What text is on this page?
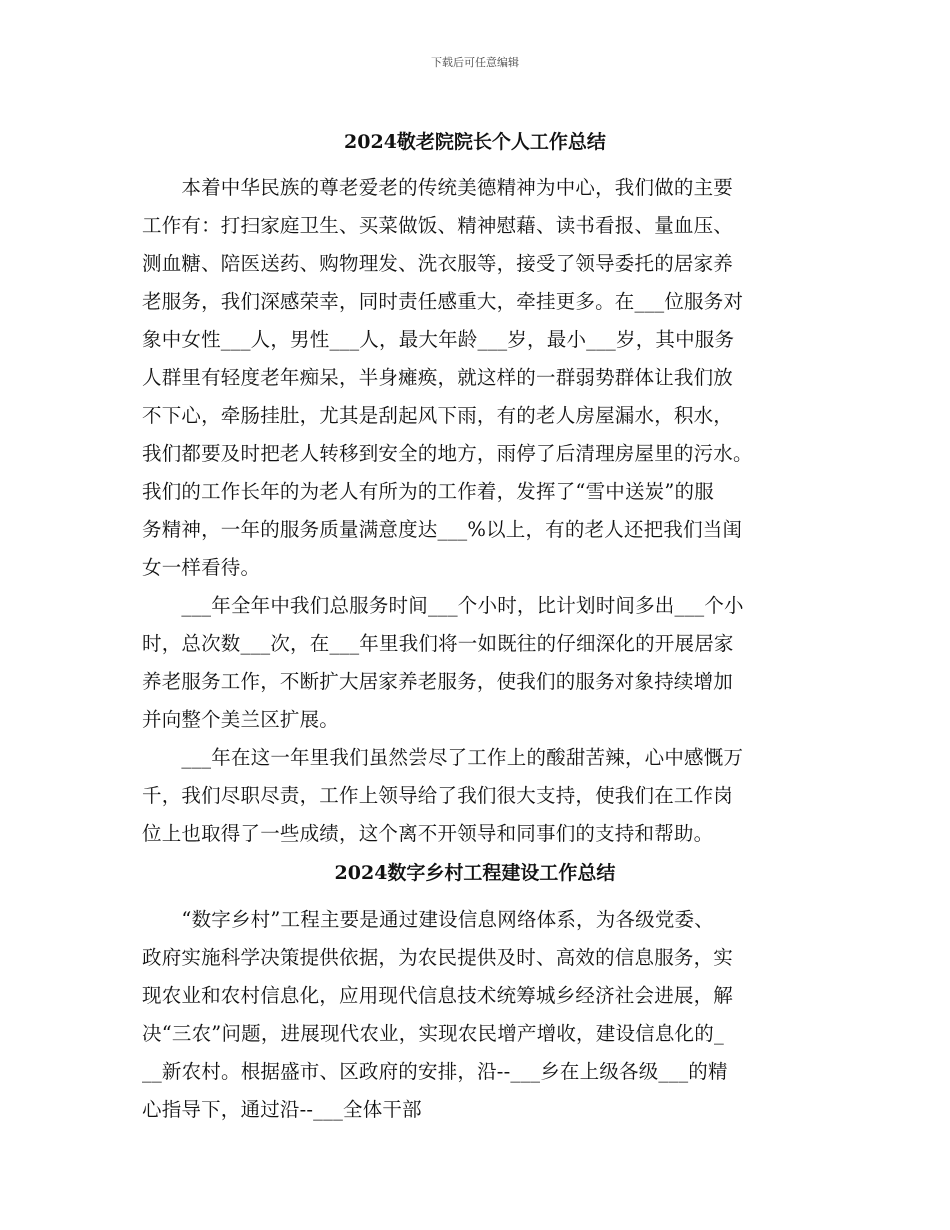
下载后可任意编辑
2024敬老院院长个人工作总结
　　本着中华民族的尊老爱老的传统美德精神为中心，我们做的主要
工作有：打扫家庭卫生、买菜做饭、精神慰藉、读书看报、量血压、
测血糖、陪医送药、购物理发、洗衣服等，接受了领导委托的居家养
老服务，我们深感荣幸，同时责任感重大，牵挂更多。在___位服务对
象中女性___人，男性___人，最大年龄___岁，最小___岁，其中服务
人群里有轻度老年痴呆，半身瘫痪，就这样的一群弱势群体让我们放
不下心，牵肠挂肚，尤其是刮起风下雨，有的老人房屋漏水，积水，
我们都要及时把老人转移到安全的地方，雨停了后清理房屋里的污水。
我们的工作长年的为老人有所为的工作着，发挥了“雪中送炭”的服
务精神，一年的服务质量满意度达___%以上，有的老人还把我们当闺
女一样看待。
　　___年全年中我们总服务时间___个小时，比计划时间多出___个小
时，总次数___次，在___年里我们将一如既往的仔细深化的开展居家
养老服务工作，不断扩大居家养老服务，使我们的服务对象持续增加
并向整个美兰区扩展。
　　___年在这一年里我们虽然尝尽了工作上的酸甜苦辣，心中感慨万
千，我们尽职尽责，工作上领导给了我们很大支持，使我们在工作岗
位上也取得了一些成绩，这个离不开领导和同事们的支持和帮助。
2024数字乡村工程建设工作总结
　　“数字乡村”工程主要是通过建设信息网络体系，为各级党委、
政府实施科学决策提供依据，为农民提供及时、高效的信息服务，实
现农业和农村信息化，应用现代信息技术统筹城乡经济社会进展，解
决“三农”问题，进展现代农业，实现农民增产增收，建设信息化的_
__新农村。根据盛市、区政府的安排，沿--___乡在上级各级___的精
心指导下，通过沿--___全体干部
